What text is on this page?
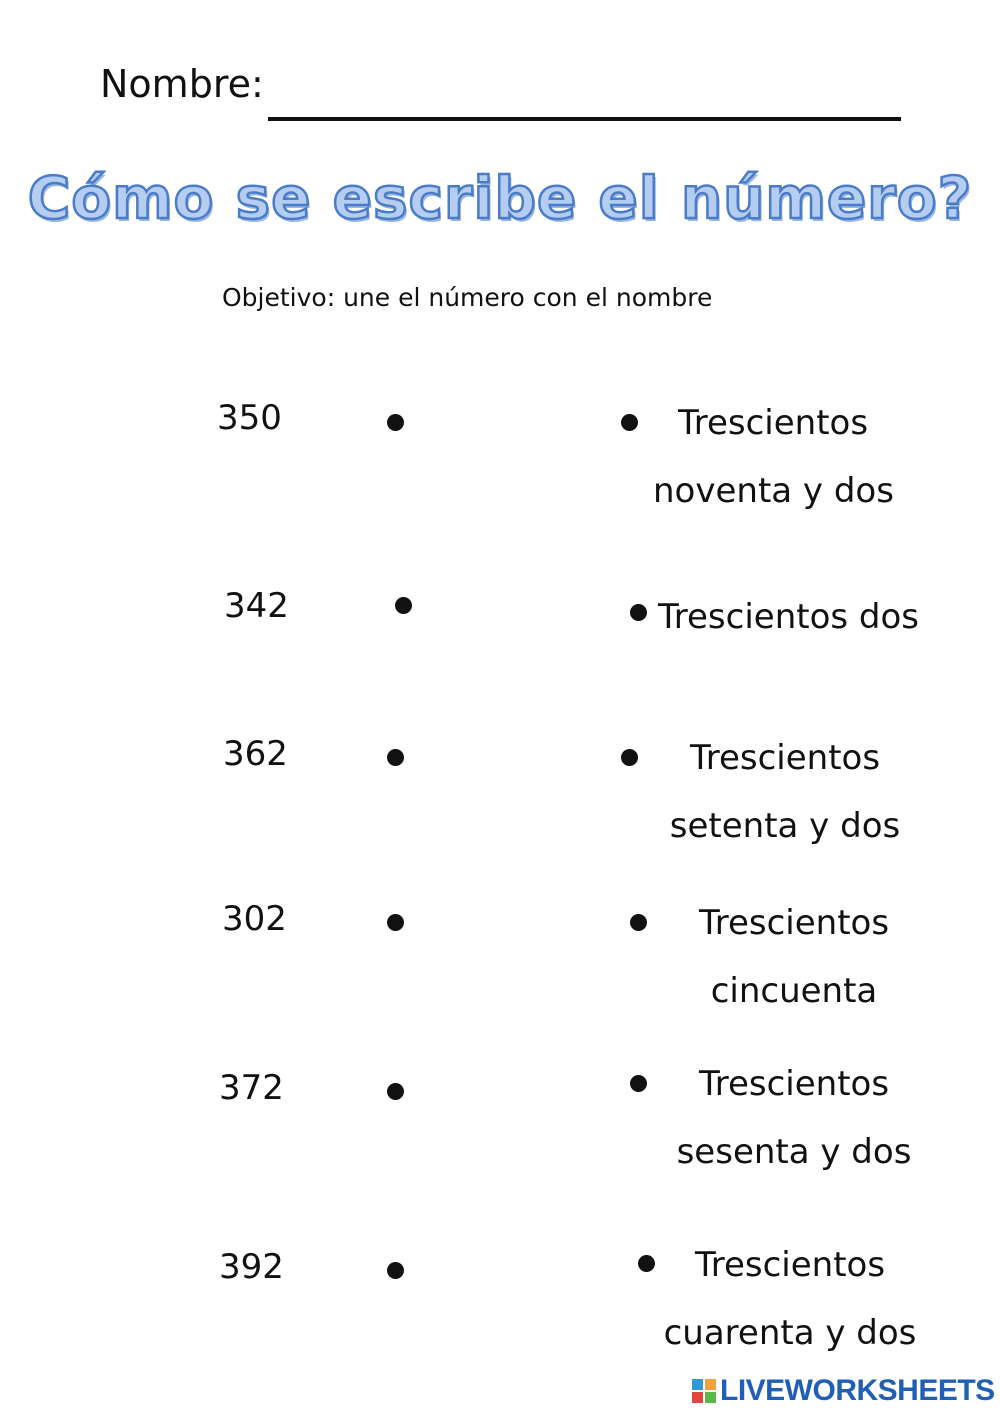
Nombre:
Cómo se escribe el número?
Objetivo: une el número con el nombre
350	Trescientos
noventa y dos
342	Trescientos dos
362	Trescientos
setenta y dos
302	Trescientos
cincuenta
372	Trescientos
sesenta y dos
392	Trescientos
cuarenta y dos
LIVEWORKSHEETS
